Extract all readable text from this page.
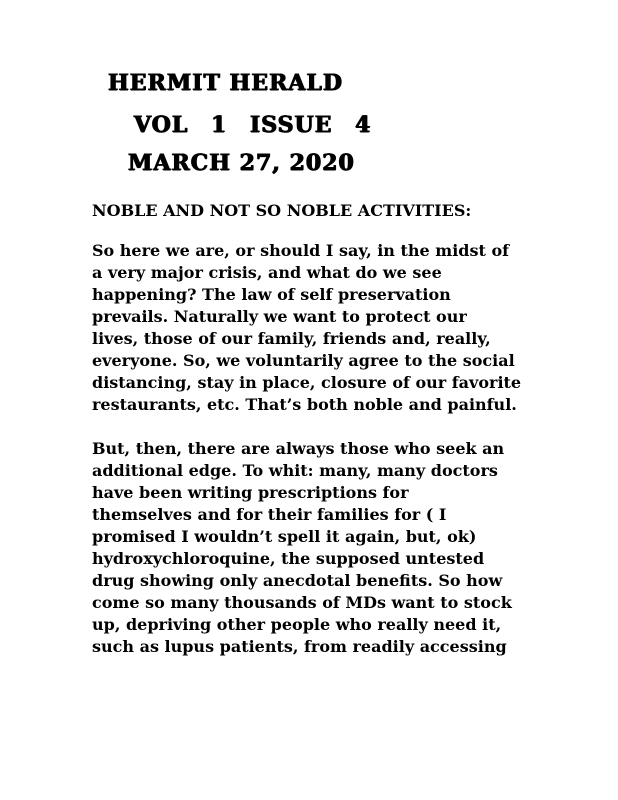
HERMIT HERALD
VOL 1 ISSUE 4
MARCH 27, 2020
NOBLE AND NOT SO NOBLE ACTIVITIES:
So here we are, or should I say, in the midst of
a very major crisis, and what do we see
happening? The law of self preservation
prevails. Naturally we want to protect our
lives, those of our family, friends and, really,
everyone. So, we voluntarily agree to the social
distancing, stay in place, closure of our favorite
restaurants, etc. That’s both noble and painful.
But, then, there are always those who seek an
additional edge. To whit: many, many doctors
have been writing prescriptions for
themselves and for their families for ( I
promised I wouldn’t spell it again, but, ok)
hydroxychloroquine, the supposed untested
drug showing only anecdotal benefits. So how
come so many thousands of MDs want to stock
up, depriving other people who really need it,
such as lupus patients, from readily accessing
